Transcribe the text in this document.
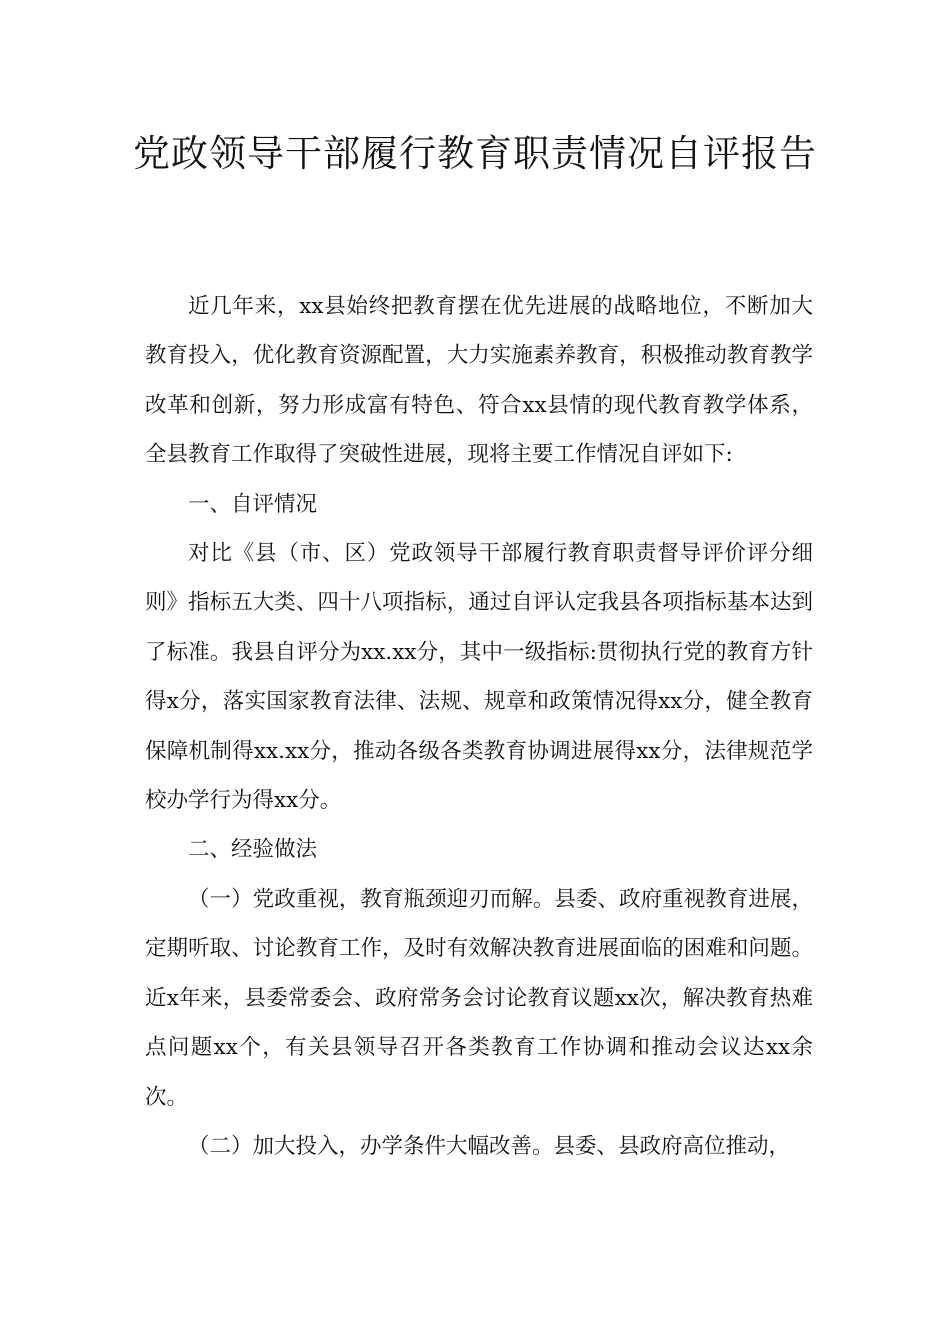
党政领导干部履行教育职责情况自评报告

近几年来，xx县始终把教育摆在优先进展的战略地位，不断加大教育投入，优化教育资源配置，大力实施素养教育，积极推动教育教学改革和创新，努力形成富有特色、符合xx县情的现代教育教学体系，全县教育工作取得了突破性进展，现将主要工作情况自评如下:

一、自评情况

对比《县（市、区）党政领导干部履行教育职责督导评价评分细则》指标五大类、四十八项指标，通过自评认定我县各项指标基本达到了标准。我县自评分为xx.xx分，其中一级指标:贯彻执行党的教育方针得x分，落实国家教育法律、法规、规章和政策情况得xx分，健全教育保障机制得xx.xx分，推动各级各类教育协调进展得xx分，法律规范学校办学行为得xx分。

二、经验做法

（一）党政重视，教育瓶颈迎刃而解。县委、政府重视教育进展，定期听取、讨论教育工作，及时有效解决教育进展面临的困难和问题。近x年来，县委常委会、政府常务会讨论教育议题xx次，解决教育热难点问题xx个，有关县领导召开各类教育工作协调和推动会议达xx余次。

（二）加大投入，办学条件大幅改善。县委、县政府高位推动，
